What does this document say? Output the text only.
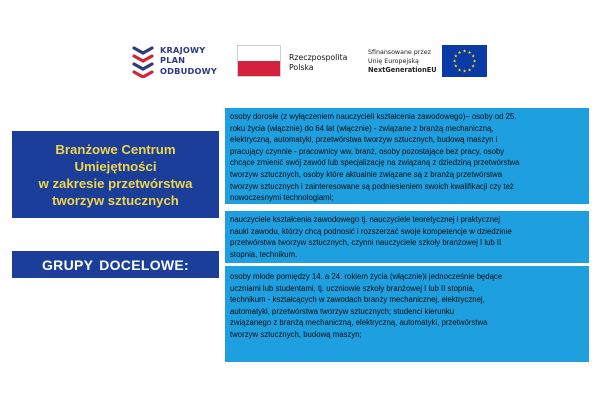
KRAJOWY
PLAN
ODBUDOWY
Rzeczpospolita
Polska
Sfinansowane przez
Unię Europejską
NextGenerationEU
★ ★
★
★
★
★
★
★
★
★
★
★
Branżowe Centrum
Umiejętności
w zakresie przetwórstwa
tworzyw sztucznych
GRUPY DOCELOWE:
osoby dorosłe (z wyłączeniem nauczycieli kształcenia zawodowego)– osoby od 25.
roku życia (włącznie) do 64 lat (włącznie) - związane z branżą mechaniczną,
elektryczną, automatyki, przetwórstwa tworzyw sztucznych, budową maszyn i
pracujący czynnie - pracownicy ww. branż, osoby pozostające bez pracy, osoby
chcące zmienić swój zawód lub specjalizację na związaną z dziedziną przetwórstwa
tworzyw sztucznych, osoby które aktualnie związane są z branżą przetwórstwa
tworzyw sztucznych i zainteresowane są podniesieniem swoich kwalifikacji czy też
nowoczesnymi technologiami;
nauczyciele kształcenia zawodowego tj. nauczyciele teoretycznej i praktycznej
nauki zawodu, którzy chcą podnosić i rozszerzać swoje kompetencje w dziedzinie
przetwórstwa tworzyw sztucznych, czynni nauczyciele szkoły branżowej I lub II
stopnia, technikum.
osoby młode pomiędzy 14. a 24. rokiem życia (włącznie)i jednocześnie będące
uczniami lub studentami, tj. uczniowie szkoły branżowej I lub II stopnia,
technikum - kształcących w zawodach branży mechanicznej, elektrycznej,
automatyki, przetwórstwa tworzyw sztucznych; studenci kierunku
związanego z branżą mechaniczną, elektryczną, automatyki, przetwórstwa
tworzyw sztucznych, budową maszyn;
